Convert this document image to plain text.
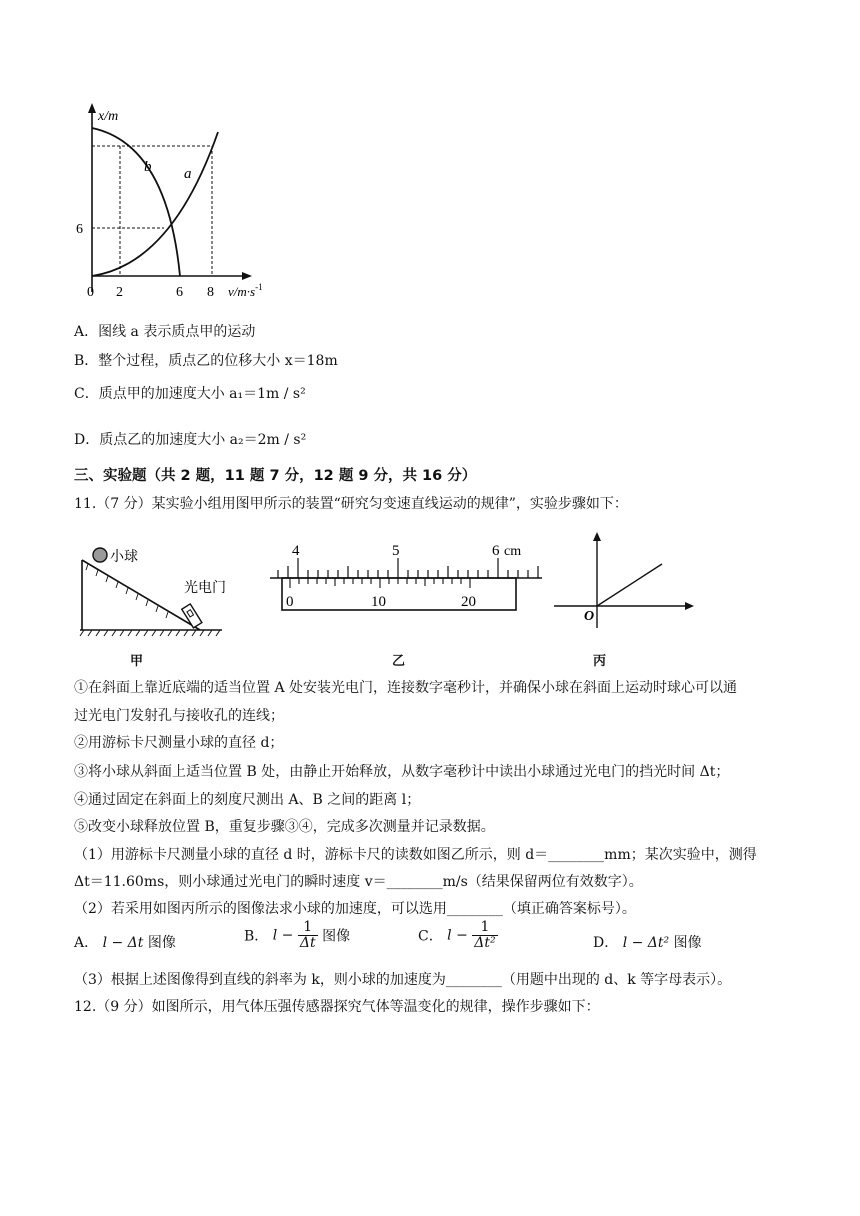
x/m
b a
6
0 2	6 8 $v/m\cdot s^{-1}$
A．图线 a 表示质点甲的运动
B．整个过程，质点乙的位移大小 x＝18m
C．质点甲的加速度大小 a₁＝1m / s²
D．质点乙的加速度大小 a₂＝2m / s²
三、实验题（共 2 题，11 题 7 分，12 题 9 分，共 16 分）
11.（7 分）某实验小组用图甲所示的装置“研究匀变速直线运动的规律”，实验步骤如下：
小球
光电门
甲
4	5	6 cm
0	10	20
乙
O
丙
①在斜面上靠近底端的适当位置 A 处安装光电门，连接数字毫秒计，并确保小球在斜面上运动时球心可以通
过光电门发射孔与接收孔的连线；
②用游标卡尺测量小球的直径 d；
③将小球从斜面上适当位置 B 处，由静止开始释放，从数字毫秒计中读出小球通过光电门的挡光时间 Δt；
④通过固定在斜面上的刻度尺测出 A、B 之间的距离 l；
⑤改变小球释放位置 B，重复步骤③④，完成多次测量并记录数据。
（1）用游标卡尺测量小球的直径 d 时，游标卡尺的读数如图乙所示，则 d＝________mm；某次实验中，测得
Δt＝11.60ms，则小球通过光电门的瞬时速度 v＝________m/s（结果保留两位有效数字）。
（2）若采用如图丙所示的图像法求小球的加速度，可以选用________（填正确答案标号）。
A． l − Δt 图像	B． $l - \frac{1}{\Delta t}$ 图像	C． $l - \frac{1}{\text{Δt²}}$	D． l − Δt² 图像
（3）根据上述图像得到直线的斜率为 k，则小球的加速度为________（用题中出现的 d、k 等字母表示）。
12.（9 分）如图所示，用气体压强传感器探究气体等温变化的规律，操作步骤如下：
